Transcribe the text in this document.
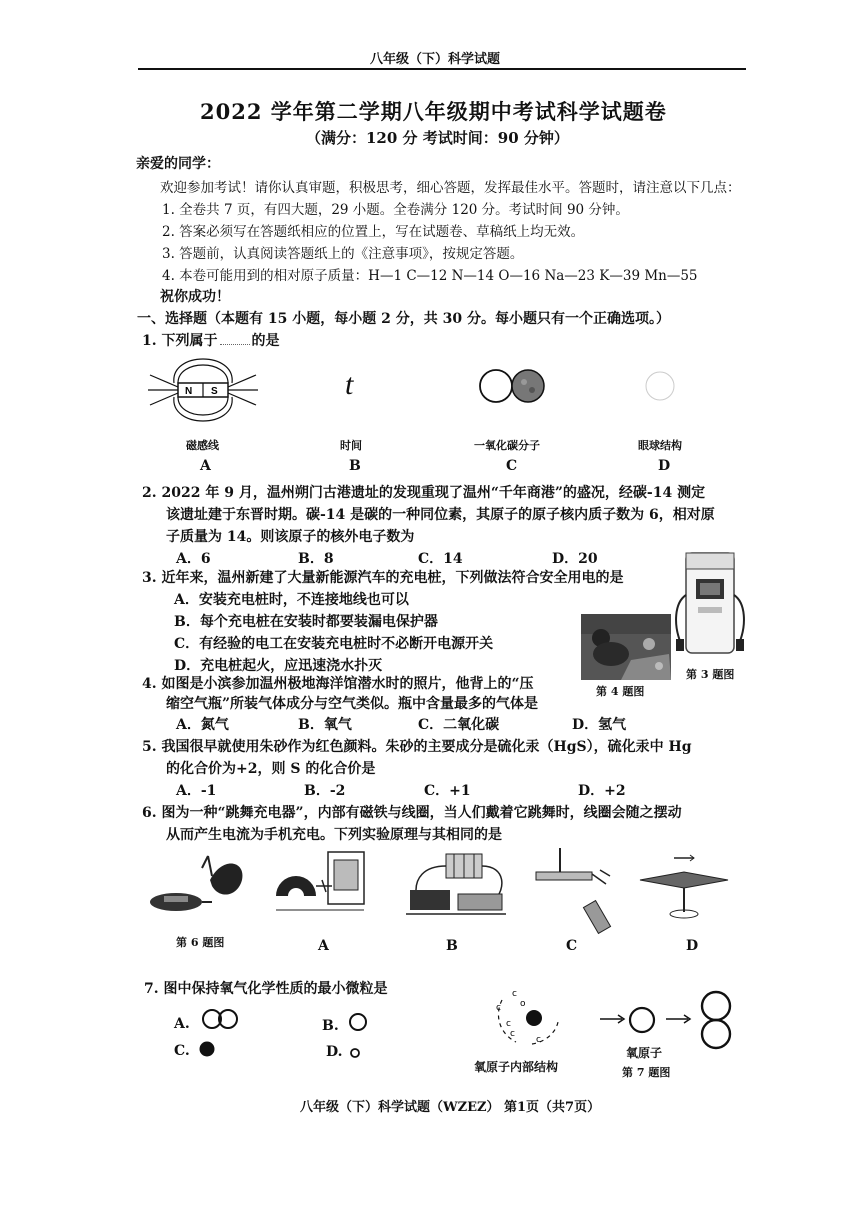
八年级（下）科学试题
2022 学年第二学期八年级期中考试科学试题卷
（满分：120 分 考试时间：90 分钟）
亲爱的同学：
欢迎参加考试！请你认真审题，积极思考，细心答题，发挥最佳水平。答题时，请注意以下几点：
1. 全卷共 7 页，有四大题，29 小题。全卷满分 120 分。考试时间 90 分钟。
2. 答案必须写在答题纸相应的位置上，写在试题卷、草稿纸上均无效。
3. 答题前，认真阅读答题纸上的《注意事项》，按规定答题。
4. 本卷可能用到的相对原子质量：H—1 C—12 N—14 O—16 Na—23 K—39 Mn—55
祝你成功！
一、选择题（本题有 15 小题，每小题 2 分，共 30 分。每小题只有一个正确选项。）
1. 下列属于 的是
N S	t
磁感线	时间	一氧化碳分子	眼球结构
A	B	C	D
2. 2022 年 9 月，温州朔门古港遗址的发现重现了温州“千年商港”的盛况，经碳-14 测定
该遗址建于东晋时期。碳-14 是碳的一种同位素，其原子的原子核内质子数为 6，相对原
子质量为 14。则该原子的核外电子数为
A．6	B．8	C．14	D．20
3. 近年来，温州新建了大量新能源汽车的充电桩，下列做法符合安全用电的是
A．安装充电桩时，不连接地线也可以
B．每个充电桩在安装时都要装漏电保护器
C．有经验的电工在安装充电桩时不必断开电源开关
D．充电桩起火，应迅速浇水扑灭
第 4 题图
第 3 题图
4. 如图是小滨参加温州极地海洋馆潜水时的照片，他背上的“压
缩空气瓶”所装气体成分与空气类似。瓶中含量最多的气体是
A．氮气	B．氧气	C．二氧化碳	D．氢气
5. 我国很早就使用朱砂作为红色颜料。朱砂的主要成分是硫化汞（HgS），硫化汞中 Hg
的化合价为+2，则 S 的化合价是
A．-1	B．-2	C．+1	D．+2
6. 图为一种“跳舞充电器”，内部有磁铁与线圈，当人们戴着它跳舞时，线圈会随之摆动
从而产生电流为手机充电。下列实验原理与其相同的是
第 6 题图	A	B	C	D
7. 图中保持氧气化学性质的最小微粒是
A.	B.
C.	D.
c
o
c
c
c
c
氧原子内部结构
氧原子
第 7 题图
八年级（下）科学试题（WZEZ） 第1页（共7页）
